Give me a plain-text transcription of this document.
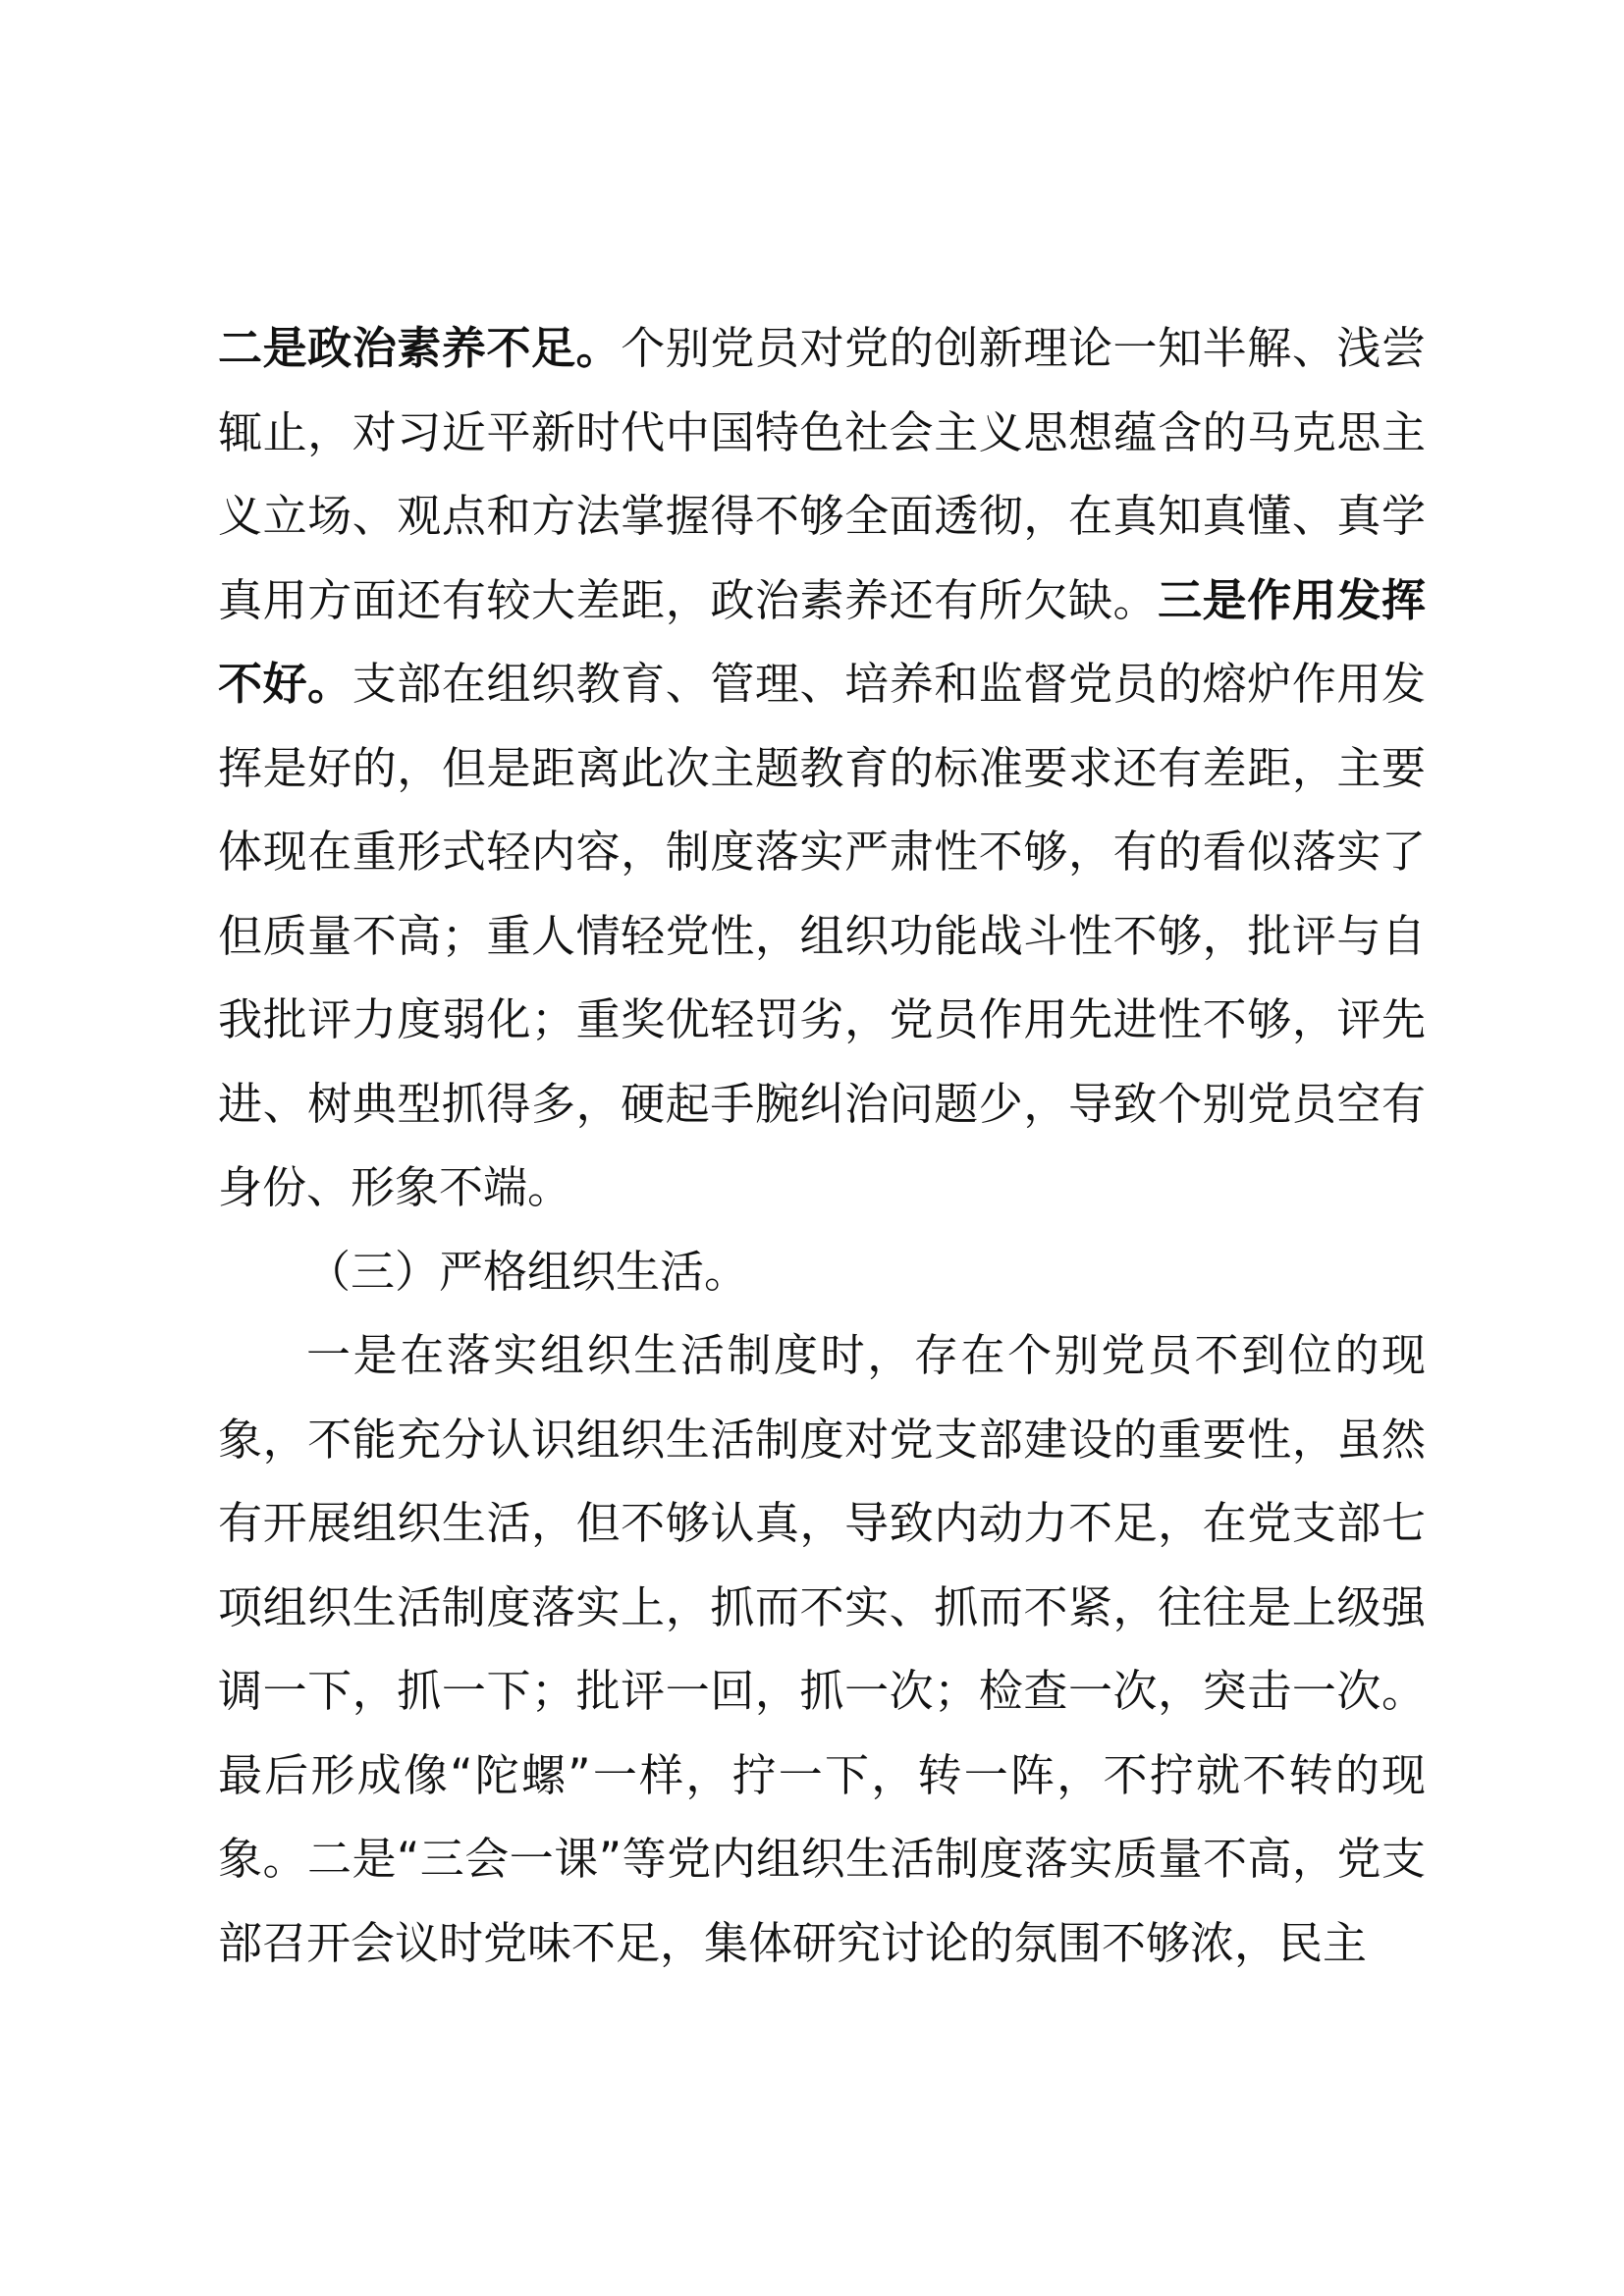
二是政治素养不足。个别党员对党的创新理论一知半解、浅尝辄止，对习近平新时代中国特色社会主义思想蕴含的马克思主义立场、观点和方法掌握得不够全面透彻，在真知真懂、真学真用方面还有较大差距，政治素养还有所欠缺。三是作用发挥不好。支部在组织教育、管理、培养和监督党员的熔炉作用发挥是好的，但是距离此次主题教育的标准要求还有差距，主要体现在重形式轻内容，制度落实严肃性不够，有的看似落实了但质量不高；重人情轻党性，组织功能战斗性不够，批评与自我批评力度弱化；重奖优轻罚劣，党员作用先进性不够，评先进、树典型抓得多，硬起手腕纠治问题少，导致个别党员空有身份、形象不端。

（三）严格组织生活。

一是在落实组织生活制度时，存在个别党员不到位的现象，不能充分认识组织生活制度对党支部建设的重要性，虽然有开展组织生活，但不够认真，导致内动力不足，在党支部七项组织生活制度落实上，抓而不实、抓而不紧，往往是上级强调一下，抓一下；批评一回，抓一次；检查一次，突击一次。最后形成像“陀螺”一样，拧一下，转一阵，不拧就不转的现象。二是“三会一课”等党内组织生活制度落实质量不高，党支部召开会议时党味不足，集体研究讨论的氛围不够浓，民主
